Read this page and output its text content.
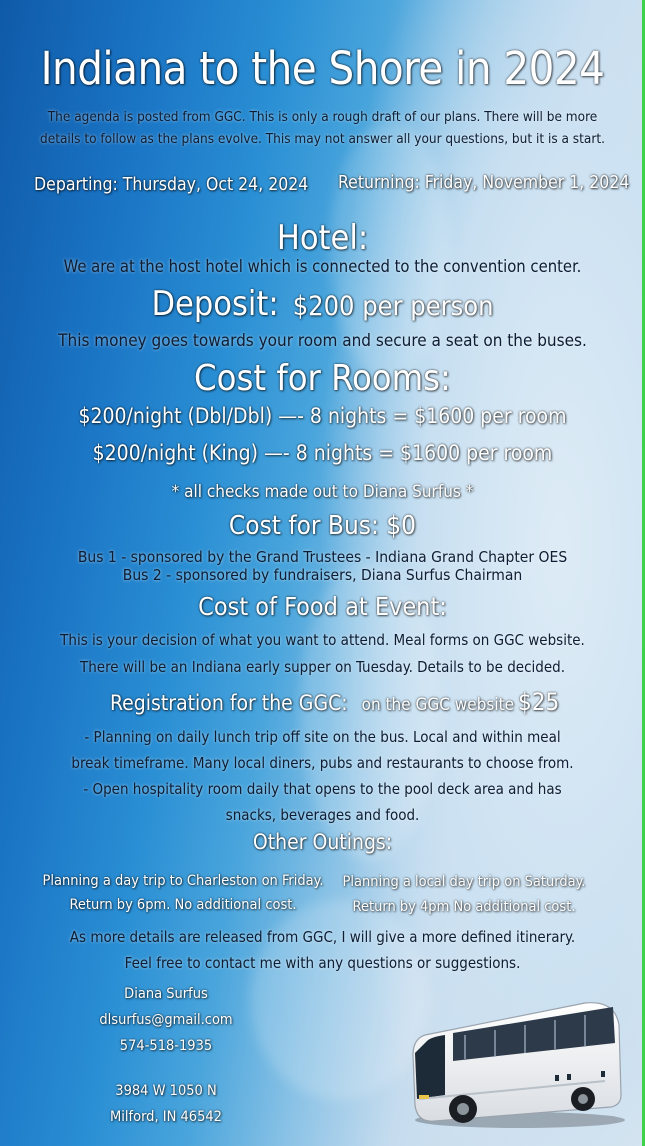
Indiana to the Shore in 2024
The agenda is posted from GGC. This is only a rough draft of our plans. There will be more details to follow as the plans evolve. This may not answer all your questions, but it is a start.
Departing: Thursday, Oct 24, 2024 Returning: Friday, November 1, 2024
Hotel:
We are at the host hotel which is connected to the convention center.
Deposit: $200 per person
This money goes towards your room and secure a seat on the buses.
Cost for Rooms:
$200/night (Dbl/Dbl) —- 8 nights = $1600 per room
$200/night (King) —- 8 nights = $1600 per room
* all checks made out to Diana Surfus *
Cost for Bus: $0
Bus 1 - sponsored by the Grand Trustees - Indiana Grand Chapter OES
Bus 2 - sponsored by fundraisers, Diana Surfus Chairman
Cost of Food at Event:
This is your decision of what you want to attend. Meal forms on GGC website.
There will be an Indiana early supper on Tuesday. Details to be decided.
Registration for the GGC: on the GGC website $25
- Planning on daily lunch trip off site on the bus. Local and within meal break timeframe. Many local diners, pubs and restaurants to choose from.
- Open hospitality room daily that opens to the pool deck area and has snacks, beverages and food.
Other Outings:
Planning a day trip to Charleston on Friday.
Return by 6pm. No additional cost.
Planning a local day trip on Saturday.
Return by 4pm No additional cost.
As more details are released from GGC, I will give a more defined itinerary.
Feel free to contact me with any questions or suggestions.
Diana Surfus
dlsurfus@gmail.com
574-518-1935
3984 W 1050 N
Milford, IN 46542
